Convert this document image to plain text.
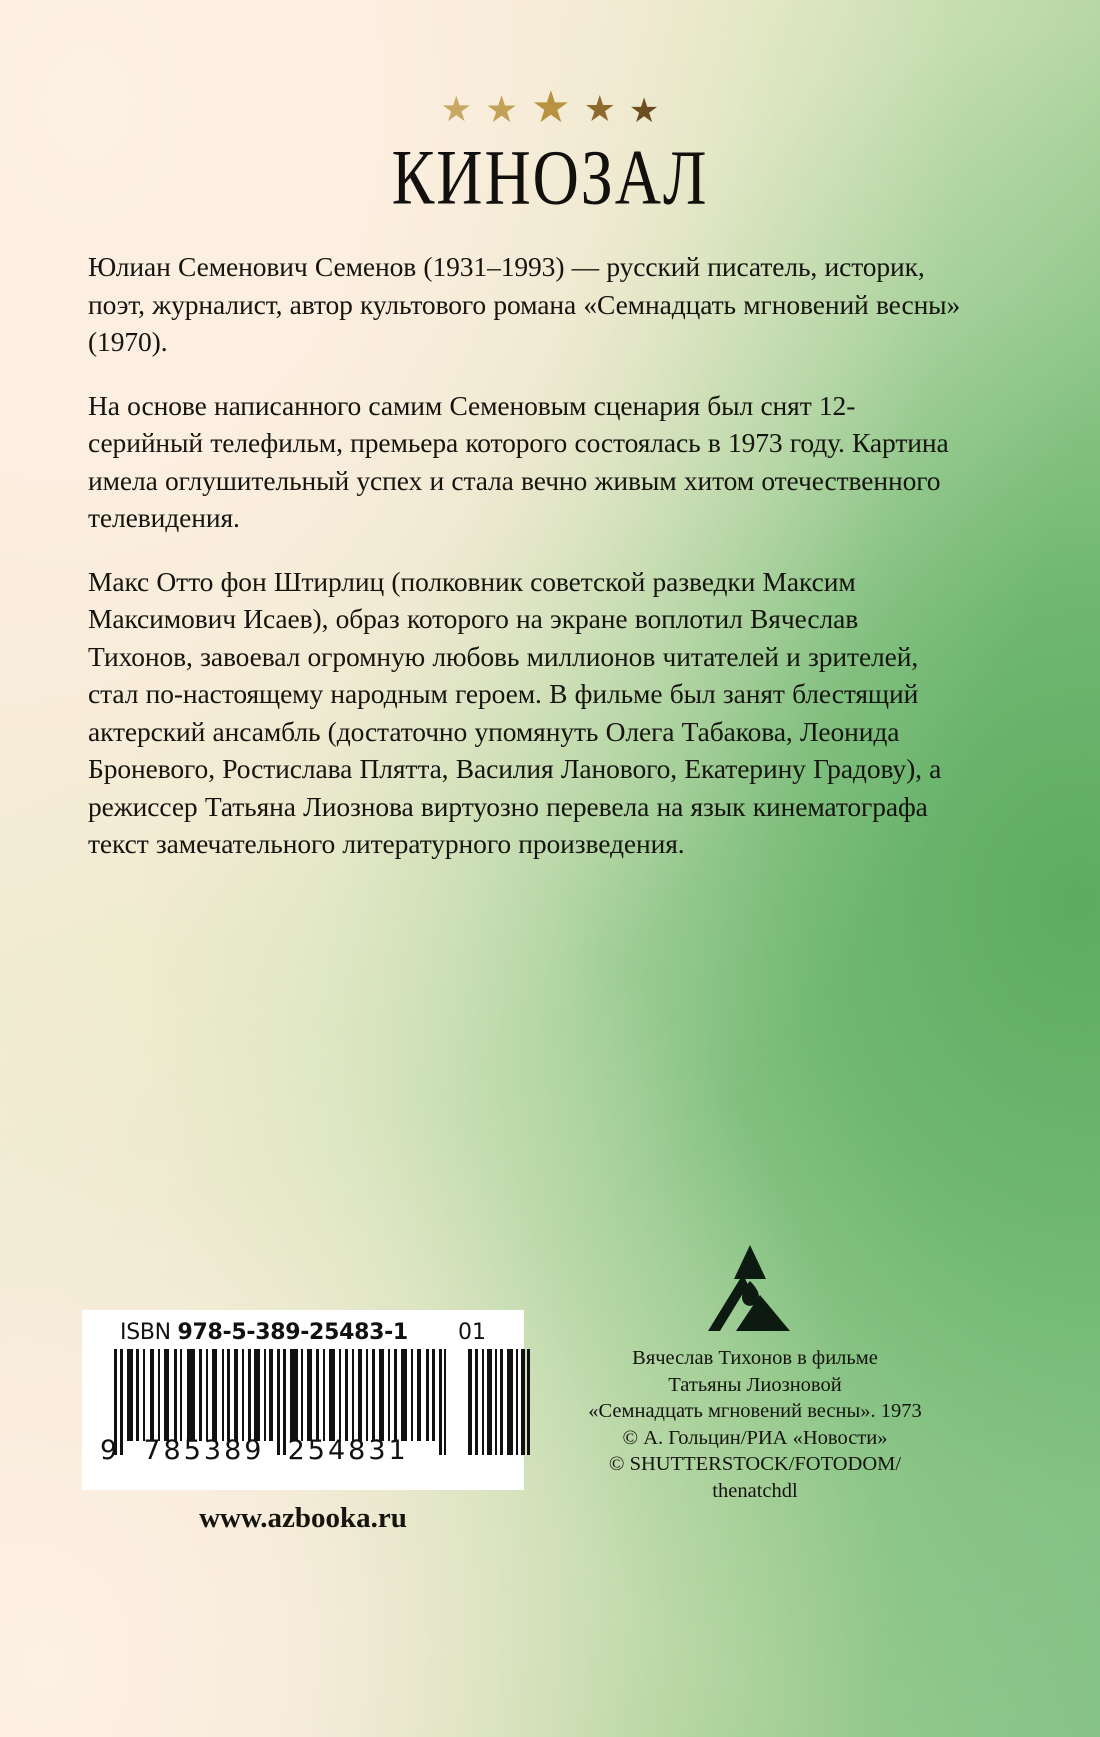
★ ★ ★ ★ ★
КИНОЗАЛ

Юлиан Семенович Семенов (1931–1993) — русский писатель, историк, поэт, журналист, автор культового романа «Семнадцать мгновений весны» (1970).

На основе написанного самим Семеновым сценария был снят 12-серийный телефильм, премьера которого состоялась в 1973 году. Картина имела оглушительный успех и стала вечно живым хитом отечественного телевидения.

Макс Отто фон Штирлиц (полковник советской разведки Максим Максимович Исаев), образ которого на экране воплотил Вячеслав Тихонов, завоевал огромную любовь миллионов читателей и зрителей, стал по-настоящему народным героем. В фильме был занят блестящий актерский ансамбль (достаточно упомянуть Олега Табакова, Леонида Броневого, Ростислава Плятта, Василия Ланового, Екатерину Градову), а режиссер Татьяна Лиознова виртуозно перевела на язык кинематографа текст замечательного литературного произведения.

ISBN 978-5-389-25483-1 01
9 785389 254831
www.azbooka.ru
Вячеслав Тихонов в фильме
Татьяны Лиозновой
«Семнадцать мгновений весны». 1973
© А. Гольцин/РИА «Новости»
© SHUTTERSTOCK/FOTODOM/
thenatchdl
